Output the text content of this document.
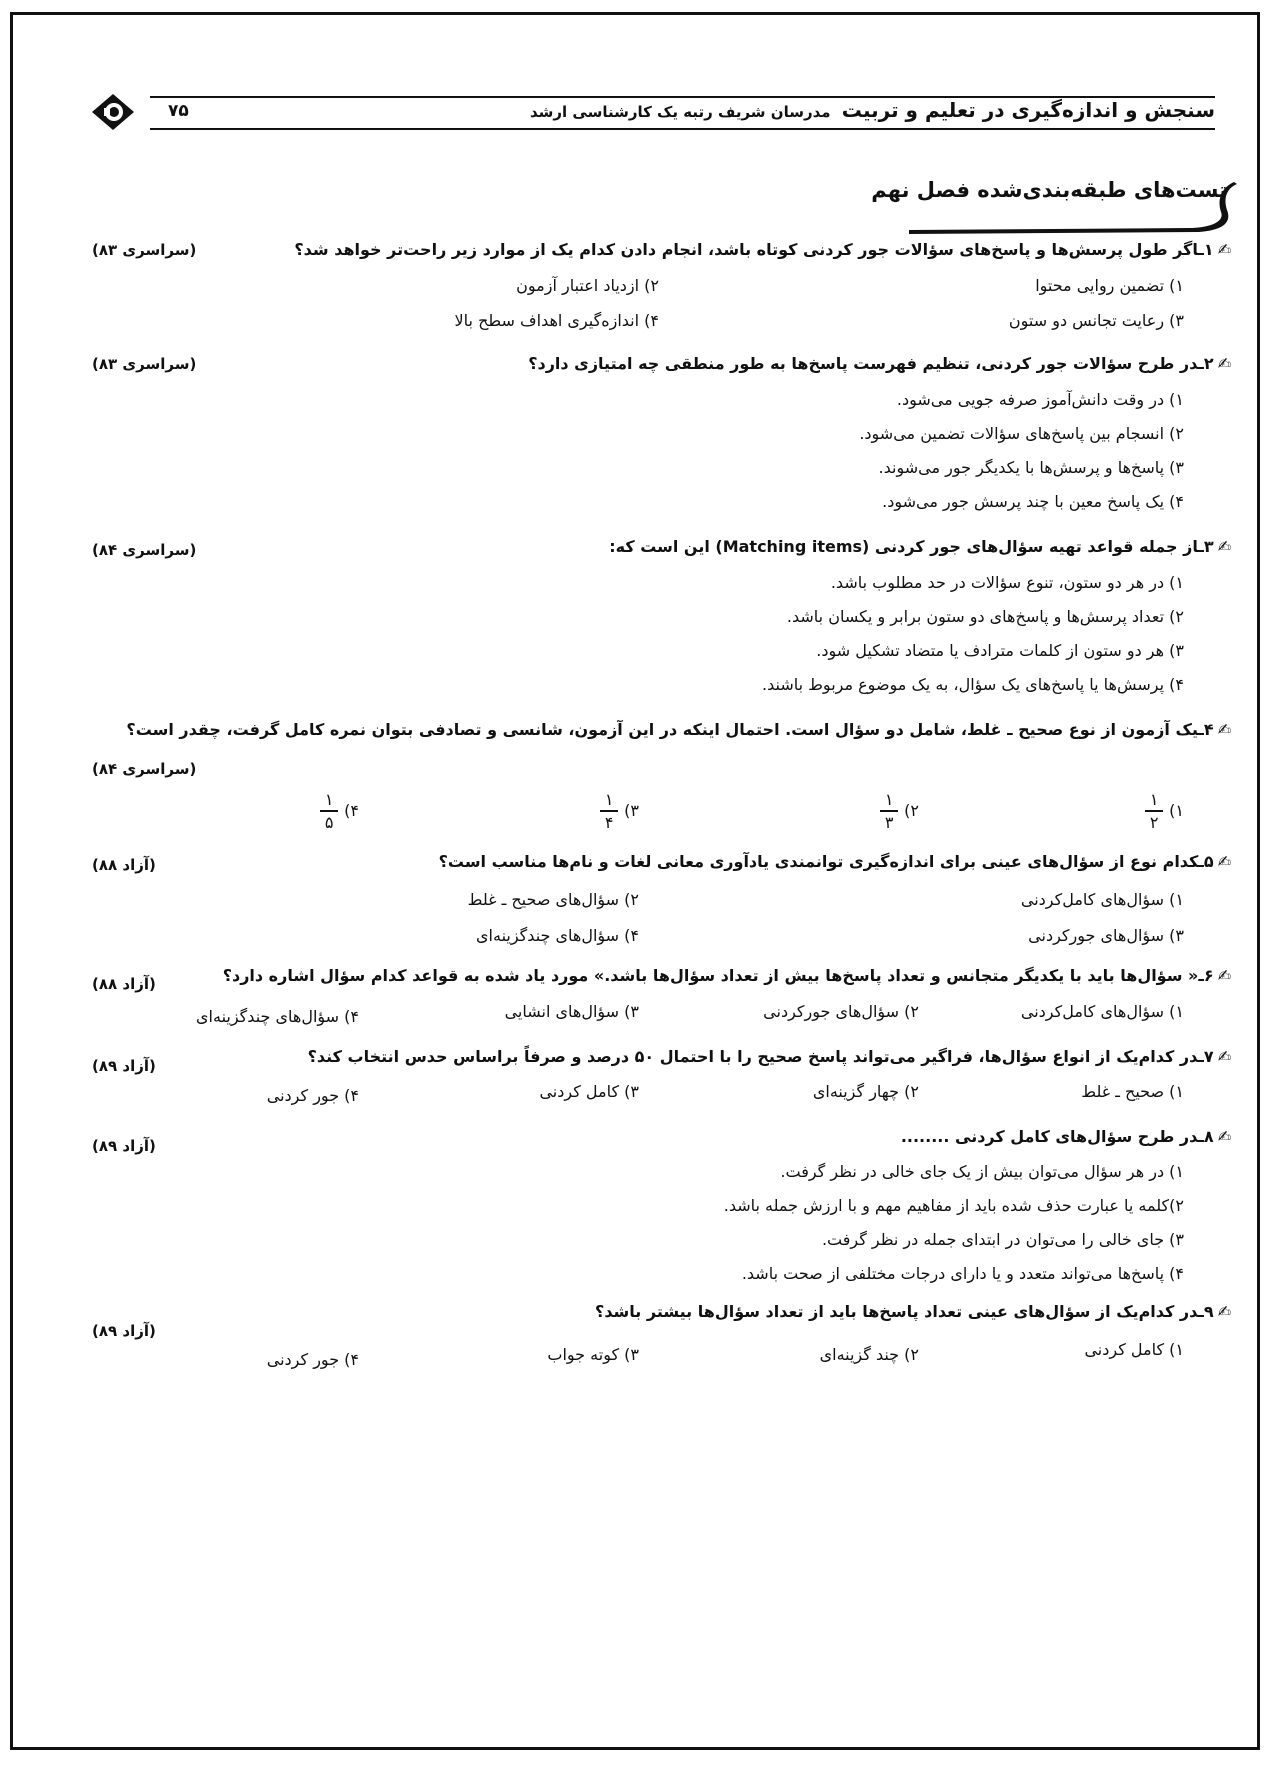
۷۵	مدرسان شریف رتبه یک کارشناسی ارشد سنجش و اندازه‌گیری در تعلیم و تربیت
تست‌های طبقه‌بندی‌شده فصل نهم
✍۱ـاگر طول پرسش‌ها و پاسخ‌های سؤالات جور کردنی کوتاه باشد، انجام دادن کدام یک از موارد زیر راحت‌تر خواهد شد؟
(سراسری ۸۳)
۱) تضمین روایی محتوا
۲) ازدیاد اعتبار آزمون
۳) رعایت تجانس دو ستون
۴) اندازه‌گیری اهداف سطح بالا
✍۲ـدر طرح سؤالات جور کردنی، تنظیم فهرست پاسخ‌ها به طور منطقی چه امتیازی دارد؟
(سراسری ۸۳)
۱) در وقت دانش‌آموز صرفه جویی می‌شود.
۲) انسجام بین پاسخ‌های سؤالات تضمین می‌شود.
۳) پاسخ‌ها و پرسش‌ها با یکدیگر جور می‌شوند.
۴) یک پاسخ معین با چند پرسش جور می‌شود.
✍۳ـاز جمله قواعد تهیه سؤال‌های جور کردنی (Matching items) این است که:
(سراسری ۸۴)
۱) در هر دو ستون، تنوع سؤالات در حد مطلوب باشد.
۲) تعداد پرسش‌ها و پاسخ‌های دو ستون برابر و یکسان باشد.
۳) هر دو ستون از کلمات مترادف یا متضاد تشکیل شود.
۴) پرسش‌ها یا پاسخ‌های یک سؤال، به یک موضوع مربوط باشند.
✍۴ـیک آزمون از نوع صحیح ـ غلط، شامل دو سؤال است. احتمال اینکه در این آزمون، شانسی و تصادفی بتوان نمره کامل گرفت، چقدر است؟
(سراسری ۸۴)
۱)
$\frac{۱}{۲}$
۲)
$\frac{۱}{۳}$
۳)
$\frac{۱}{۴}$
۴)
$\frac{۱}{۵}$
✍۵ـکدام نوع از سؤال‌های عینی برای اندازه‌گیری توانمندی یادآوری معانی لغات و نام‌ها مناسب است؟
(آزاد ۸۸)
۱) سؤال‌های کامل‌کردنی
۲) سؤال‌های صحیح ـ غلط
۳) سؤال‌های جورکردنی
۴) سؤال‌های چندگزینه‌ای
✍۶ـ« سؤال‌ها باید با یکدیگر متجانس و تعداد پاسخ‌ها بیش از تعداد سؤال‌ها باشد.» مورد یاد شده به قواعد کدام سؤال اشاره دارد؟
(آزاد ۸۸)
۱) سؤال‌های کامل‌کردنی
۲) سؤال‌های جورکردنی
۳) سؤال‌های انشایی
۴) سؤال‌های چندگزینه‌ای
✍۷ـدر کدام‌یک از انواع سؤال‌ها، فراگیر می‌تواند پاسخ صحیح را با احتمال ۵۰ درصد و صرفاً براساس حدس انتخاب کند؟
(آزاد ۸۹)
۱) صحیح ـ غلط
۲) چهار گزینه‌ای
۳) کامل کردنی
۴) جور کردنی
✍۸ـدر طرح سؤال‌های کامل کردنی ........
(آزاد ۸۹)
۱) در هر سؤال می‌توان بیش از یک جای خالی در نظر گرفت.
۲)کلمه یا عبارت حذف شده باید از مفاهیم مهم و با ارزش جمله باشد.
۳) جای خالی را می‌توان در ابتدای جمله در نظر گرفت.
۴) پاسخ‌ها می‌تواند متعدد و یا دارای درجات مختلفی از صحت باشد.
✍۹ـدر کدام‌یک از سؤال‌های عینی تعداد پاسخ‌ها باید از تعداد سؤال‌ها بیشتر باشد؟
(آزاد ۸۹)
۱) کامل کردنی
۲) چند گزینه‌ای
۳) کوته جواب
۴) جور کردنی
